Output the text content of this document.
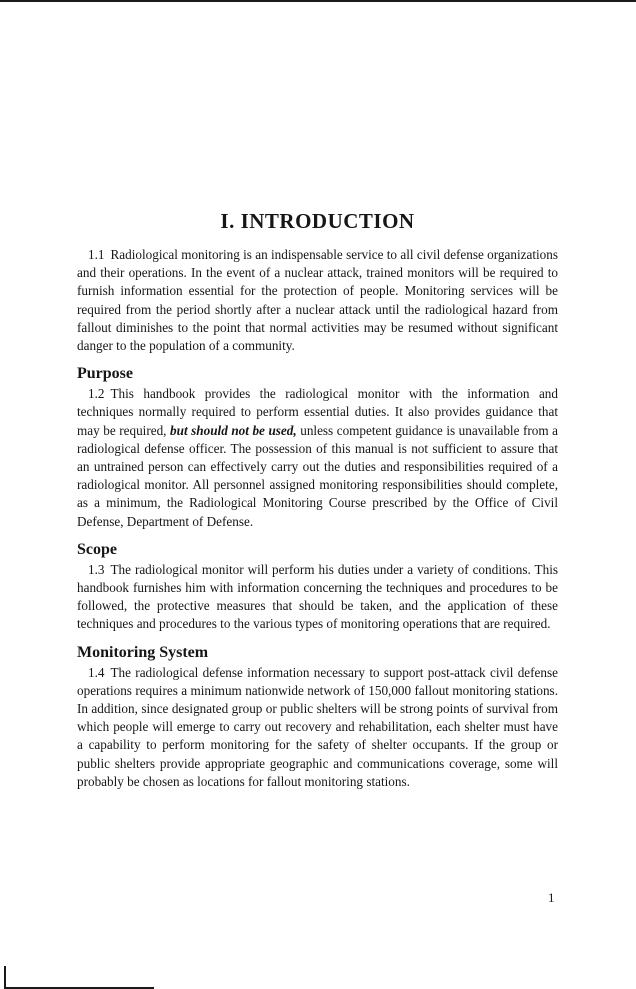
I. INTRODUCTION

1.1 Radiological monitoring is an indispensable service to all civil defense organizations and their operations. In the event of a nuclear attack, trained monitors will be required to furnish information essential for the protection of people. Monitoring services will be required from the period shortly after a nuclear attack until the radiological hazard from fallout diminishes to the point that normal activities may be resumed without significant danger to the population of a community.

Purpose

1.2 This handbook provides the radiological monitor with the information and techniques normally required to perform essential duties. It also provides guidance that may be required, but should not be used, unless competent guidance is unavailable from a radiological defense officer. The possession of this manual is not sufficient to assure that an untrained person can effectively carry out the duties and responsibilities required of a radiological monitor. All personnel assigned monitoring responsibilities should complete, as a minimum, the Radiological Monitoring Course prescribed by the Office of Civil Defense, Department of Defense.

Scope

1.3 The radiological monitor will perform his duties under a variety of conditions. This handbook furnishes him with information concerning the techniques and procedures to be followed, the protective measures that should be taken, and the application of these techniques and procedures to the various types of monitoring operations that are required.

Monitoring System

1.4 The radiological defense information necessary to support post-attack civil defense operations requires a minimum nationwide network of 150,000 fallout monitoring stations. In addition, since designated group or public shelters will be strong points of survival from which people will emerge to carry out recovery and rehabilitation, each shelter must have a capability to perform monitoring for the safety of shelter occupants. If the group or public shelters provide appropriate geographic and communications coverage, some will probably be chosen as locations for fallout monitoring stations.

1
